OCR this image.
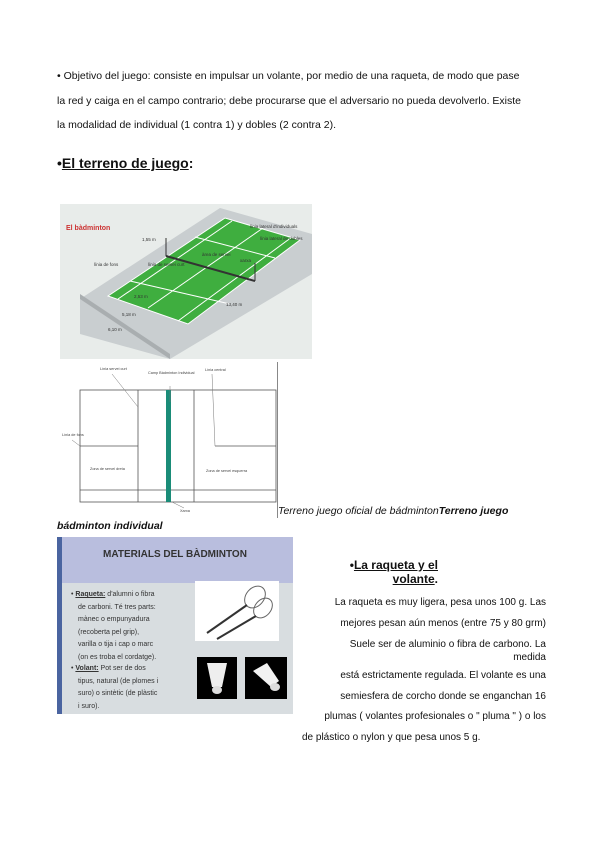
• Objetivo del juego: consiste en impulsar un volante, por medio de una raqueta, de modo que pase
la red y caiga en el campo contrario; debe procurarse que el adversario no pueda devolverlo. Existe
la modalidad de individual (1 contra 1) y dobles (2 contra 2).
•El terreno de juego:
El bàdminton
1,55 m
línia lateral d'individuals
línia lateral de dobles
àrea de servei
línia de fons	línia de servei curt
2,53 m
5,18 m
6,10 m
13,40 m
xarxa
Línia servei curt
Camp Bàdminton Individual
Línia central
Línia de fons
Zona de servei dreta	Zona de servei esquerra
Xarxa	Terreno juego oficial de bádmintonTerreno juego
bádminton individual
MATERIALS DEL BÀDMINTON
• Raqueta: d'alumni o fibra
de carboni. Té tres parts:
mànec o empunyadura
(recoberta pel grip),
varilla o tija i cap o marc
(on es troba el cordatge).
• Volant: Pot ser de dos
tipus, natural (de plomes i
suro) o sintètic (de plàstic
i suro).
•La raqueta y el
volante.
La raqueta es muy ligera, pesa unos 100 g. Las
mejores pesan aún menos (entre 75 y 80 grm)
Suele ser de aluminio o fibra de carbono. La
medida
está estrictamente regulada. El volante es una
semiesfera de corcho donde se enganchan 16
plumas ( volantes profesionales o " pluma " ) o los
de plástico o nylon y que pesa unos 5 g.
